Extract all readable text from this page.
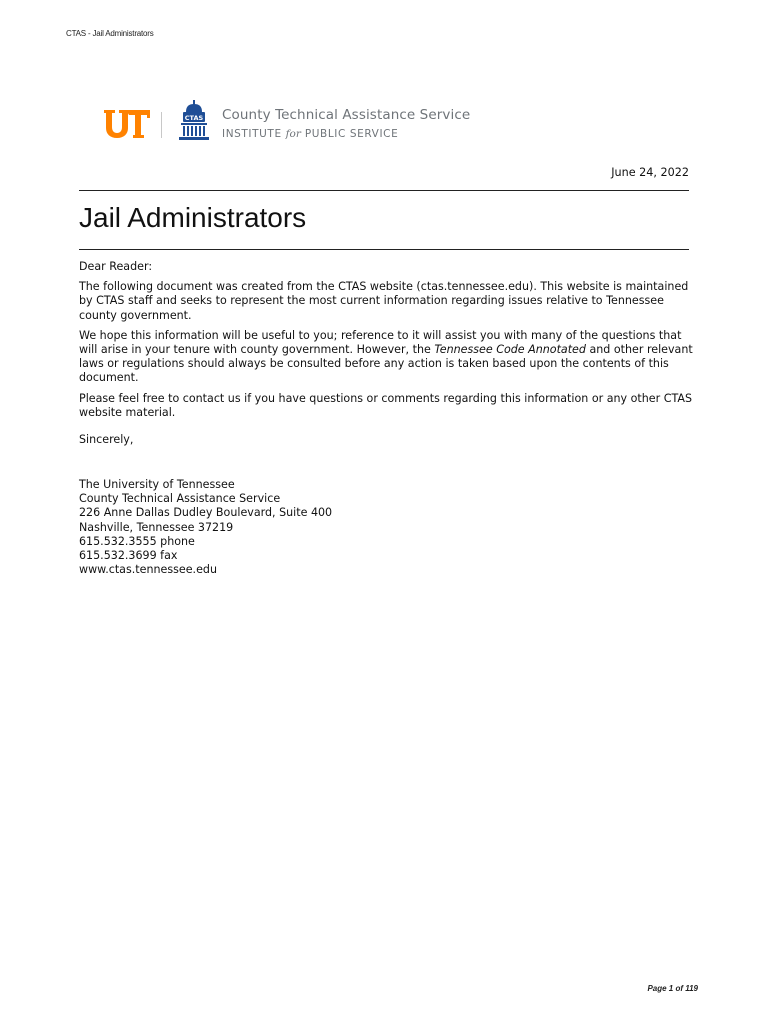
CTAS - Jail Administrators
CTAS County Technical Assistance Service
INSTITUTE for PUBLIC SERVICE
June 24, 2022
Jail Administrators

Dear Reader:

The following document was created from the CTAS website (ctas.tennessee.edu). This website is maintained by CTAS staff and seeks to represent the most current information regarding issues relative to Tennessee county government.

We hope this information will be useful to you; reference to it will assist you with many of the questions that will arise in your tenure with county government. However, the Tennessee Code Annotated and other relevant laws or regulations should always be consulted before any action is taken based upon the contents of this document.

Please feel free to contact us if you have questions or comments regarding this information or any other CTAS website material.

Sincerely,

The University of Tennessee
County Technical Assistance Service
226 Anne Dallas Dudley Boulevard, Suite 400
Nashville, Tennessee 37219
615.532.3555 phone
615.532.3699 fax
www.ctas.tennessee.edu
Page 1 of 119
